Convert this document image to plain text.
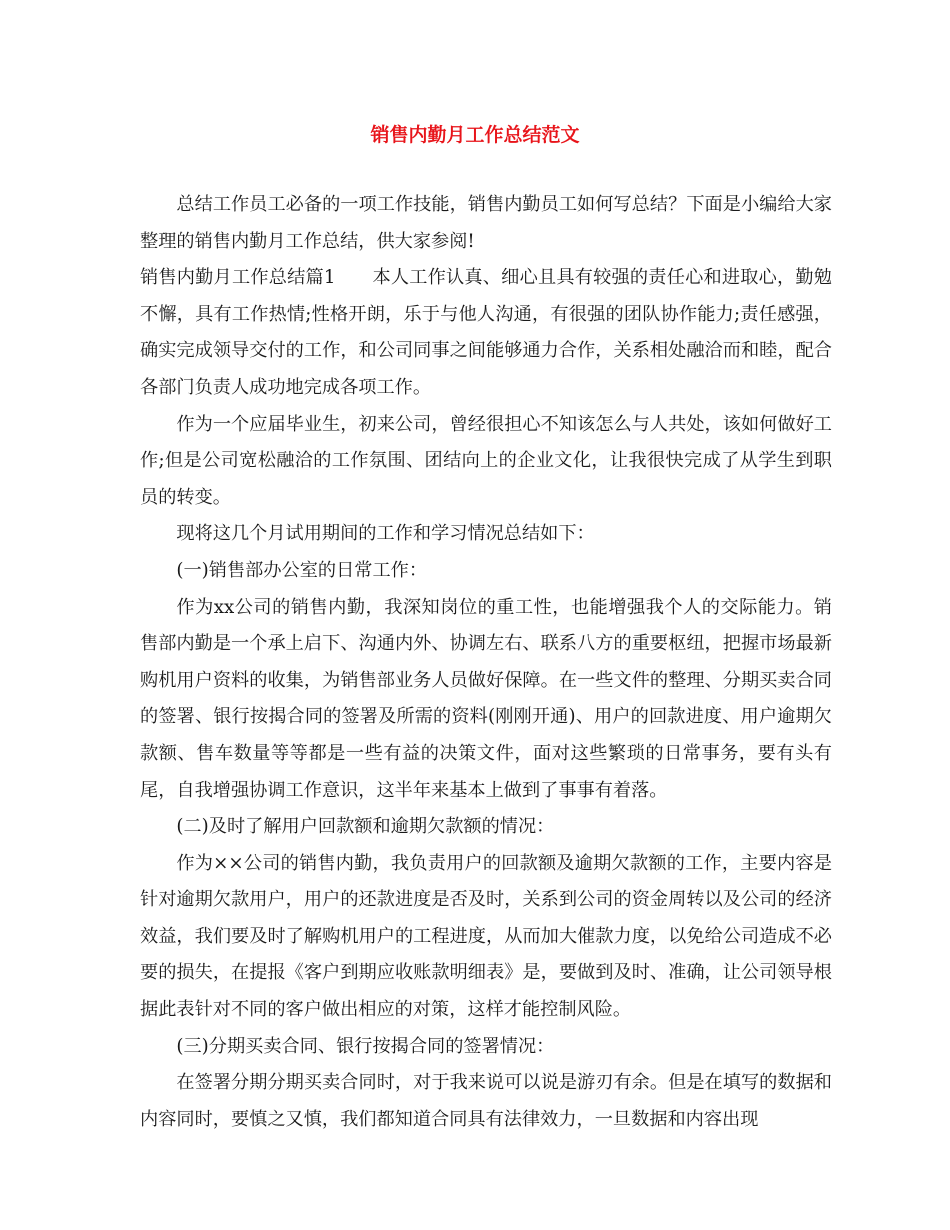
销售内勤月工作总结范文

总结工作员工必备的一项工作技能，销售内勤员工如何写总结？下面是小编给大家整理的销售内勤月工作总结，供大家参阅!

销售内勤月工作总结篇1　　本人工作认真、细心且具有较强的责任心和进取心，勤勉不懈，具有工作热情;性格开朗，乐于与他人沟通，有很强的团队协作能力;责任感强，确实完成领导交付的工作，和公司同事之间能够通力合作，关系相处融洽而和睦，配合各部门负责人成功地完成各项工作。

作为一个应届毕业生，初来公司，曾经很担心不知该怎么与人共处，该如何做好工作;但是公司宽松融洽的工作氛围、团结向上的企业文化，让我很快完成了从学生到职员的转变。

现将这几个月试用期间的工作和学习情况总结如下：

(一)销售部办公室的日常工作：

作为xx公司的销售内勤，我深知岗位的重工性，也能增强我个人的交际能力。销售部内勤是一个承上启下、沟通内外、协调左右、联系八方的重要枢纽，把握市场最新购机用户资料的收集，为销售部业务人员做好保障。在一些文件的整理、分期买卖合同的签署、银行按揭合同的签署及所需的资料(刚刚开通)、用户的回款进度、用户逾期欠款额、售车数量等等都是一些有益的决策文件，面对这些繁琐的日常事务，要有头有尾，自我增强协调工作意识，这半年来基本上做到了事事有着落。

(二)及时了解用户回款额和逾期欠款额的情况：

作为××公司的销售内勤，我负责用户的回款额及逾期欠款额的工作，主要内容是针对逾期欠款用户，用户的还款进度是否及时，关系到公司的资金周转以及公司的经济效益，我们要及时了解购机用户的工程进度，从而加大催款力度，以免给公司造成不必要的损失，在提报《客户到期应收账款明细表》是，要做到及时、准确，让公司领导根据此表针对不同的客户做出相应的对策，这样才能控制风险。

(三)分期买卖合同、银行按揭合同的签署情况：

在签署分期分期买卖合同时，对于我来说可以说是游刃有余。但是在填写的数据和内容同时，要慎之又慎，我们都知道合同具有法律效力，一旦数据和内容出现
